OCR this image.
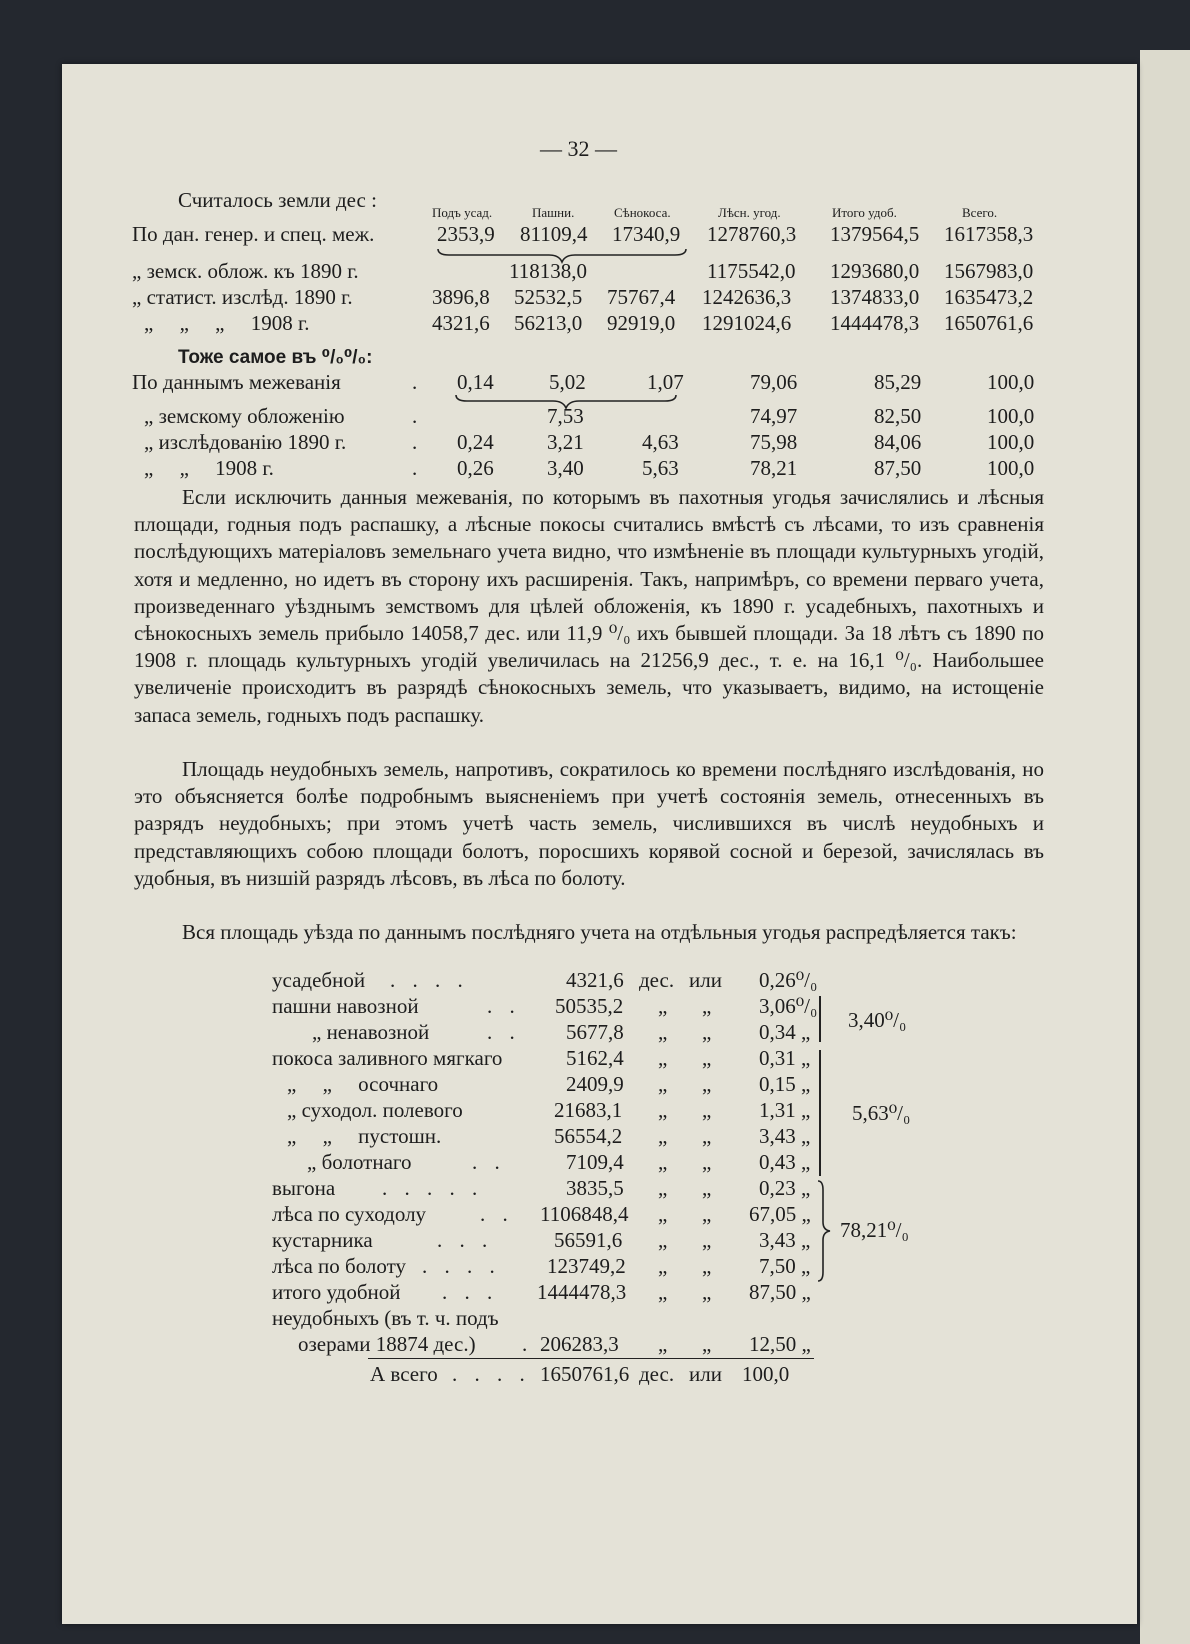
— 32 —
Считалось земли дес :
Подъ усад.	Пашни.	Сѣнокоса.	Лѣсн. угод.	Итого удоб.	Всего.
По дан. генер. и спец. меж.	2353,9 81109,4 17340,9 1278760,3 1379564,5 1617358,3
„ земск. облож. къ 1890 г.	118138,0	1175542,0 1293680,0 1567983,0
„ статист. изслѣд. 1890 г.	3896,8 52532,5 75767,4 1242636,3 1374833,0 1635473,2
„     „     „     1908 г.	4321,6 56213,0 92919,0 1291024,6 1444478,3 1650761,6
Тоже самое въ ⁰/₀⁰/₀:
По даннымъ межеванія	. 0,14	5,02	1,07	79,06	85,29	100,0
„ земскому обложенію	.	7,53	74,97	82,50	100,0
„ изслѣдованію 1890 г.	. 0,24	3,21	4,63	75,98	84,06	100,0
„     „     1908 г.	. 0,26	3,40	5,63	78,21	87,50	100,0

Если исключить данныя межеванія, по которымъ въ пахотныя угодья зачислялись и лѣсныя площади, годныя подъ распашку, а лѣсные покосы считались вмѣстѣ съ лѣсами, то изъ сравненія послѣдующихъ матеріаловъ земельнаго учета видно, что измѣненіе въ площади культурныхъ угодій, хотя и медленно, но идетъ въ сторону ихъ расширенія. Такъ, напримѣръ, со времени перваго учета, произведеннаго уѣзднымъ земствомъ для цѣлей обложенія, къ 1890 г. усадебныхъ, пахотныхъ и сѣнокосныхъ земель прибыло 14058,7 дес. или 11,9 ⁰/₀ ихъ бывшей площади. За 18 лѣтъ съ 1890 по 1908 г. площадь культурныхъ угодій увеличилась на 21256,9 дес., т. е. на 16,1 ⁰/₀. Наибольшее увеличеніе происходитъ въ разрядѣ сѣнокосныхъ земель, что указываетъ, видимо, на истощеніе запаса земель, годныхъ подъ распашку.

Площадь неудобныхъ земель, напротивъ, сократилось ко времени послѣдняго изслѣдованія, но это объясняется болѣе подробнымъ выясненіемъ при учетѣ состоянія земель, отнесенныхъ въ разрядъ неудобныхъ; при этомъ учетѣ часть земель, числившихся въ числѣ неудобныхъ и представляющихъ собою площади болотъ, поросшихъ корявой сосной и березой, зачислялась въ удобныя, въ низшій разрядъ лѣсовъ, въ лѣса по болоту.

Вся площадь уѣзда по даннымъ послѣдняго учета на отдѣльныя угодья распредѣляется такъ:

усадебной . . . .	4321,6 дес. или 0,26⁰/₀
пашни навозной	. . 50535,2 „ „ 3,06⁰/₀
„ ненавозной	. . 5677,8 „ „ 0,34 „
покоса заливного мягкаго	5162,4 „ „ 0,31 „
„     „     осочнаго	2409,9 „ „ 0,15 „
„ суходол. полевого	21683,1 „ „ 1,31 „
„     „     пустошн.	56554,2 „ „ 3,43 „
„ болотнаго	. .	7109,4 „ „ 0,43 „
выгона . . . . .	3835,5 „ „ 0,23 „
лѣса по суходолу	. . 1106848,4 „ „ 67,05 „
кустарника	. . .	56591,6 „ „ 3,43 „
лѣса по болоту . . . . 123749,2 „ „ 7,50 „
итого удобной . . . 1444478,3 „ „ 87,50 „
неудобныхъ (въ т. ч. подъ
озерами 18874 дес.) . 206283,3 „ „ 12,50 „
3,40⁰/₀
5,63⁰/₀
78,21⁰/₀
А всего . . . . 1650761,6 дес. или 100,0
